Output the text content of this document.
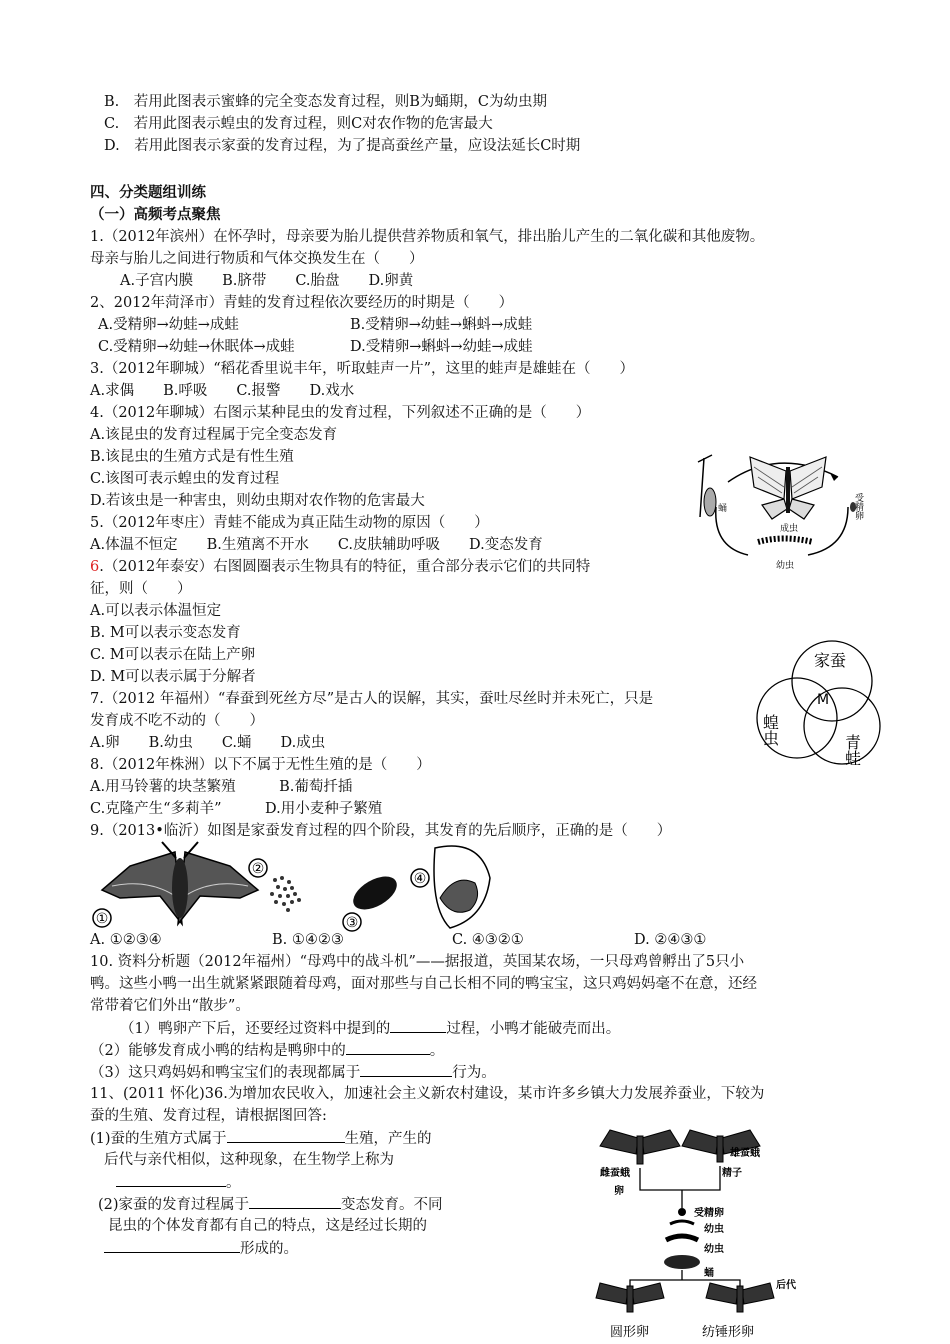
B.　若用此图表示蜜蜂的完全变态发育过程，则B为蛹期，C为幼虫期
C.　若用此图表示蝗虫的发育过程，则C对农作物的危害最大
D.　若用此图表示家蚕的发育过程，为了提高蚕丝产量，应设法延长C时期
四、分类题组训练
（一）高频考点聚焦
1.（2012年滨州）在怀孕时，母亲要为胎儿提供营养物质和氧气，排出胎儿产生的二氧化碳和其他废物。
母亲与胎儿之间进行物质和气体交换发生在（　　）
A.子宫内膜　　B.脐带　　C.胎盘　　D.卵黄
2、2012年菏泽市）青蛙的发育过程依次要经历的时期是（　　）
A.受精卵→幼蛙→成蛙	B.受精卵→幼蛙→蝌蚪→成蛙
C.受精卵→幼蛙→休眠体→成蛙	D.受精卵→蝌蚪→幼蛙→成蛙
3.（2012年聊城）“稻花香里说丰年，听取蛙声一片”，这里的蛙声是雄蛙在（　　）
A.求偶　　B.呼吸　　C.报警　　D.戏水
4.（2012年聊城）右图示某种昆虫的发育过程，下列叙述不正确的是（　　）
A.该昆虫的发育过程属于完全变态发育
B.该昆虫的生殖方式是有性生殖
C.该图可表示蝗虫的发育过程
D.若该虫是一种害虫，则幼虫期对农作物的危害最大
5.（2012年枣庄）青蛙不能成为真正陆生动物的原因（　　）
A.体温不恒定　　B.生殖离不开水　　C.皮肤辅助呼吸　　D.变态发育
6.（2012年泰安）右图圆圈表示生物具有的特征，重合部分表示它们的共同特
征，则（　　）
A.可以表示体温恒定
B. M可以表示变态发育
C. M可以表示在陆上产卵
D. M可以表示属于分解者
7.（2012 年福州）“春蚕到死丝方尽”是古人的误解，其实，蚕吐尽丝时并未死亡，只是
发育成不吃不动的（　　）
A.卵　　B.幼虫　　C.蛹　　D.成虫
8.（2012年株洲）以下不属于无性生殖的是（　　）
A.用马铃薯的块茎繁殖　　　B.葡萄扦插
C.克隆产生“多莉羊”　　　D.用小麦种子繁殖
9.（2013•临沂）如图是家蚕发育过程的四个阶段，其发育的先后顺序，正确的是（　　）
①
②
③
④
A. ①②③④	B. ①④②③	C. ④③②①	D. ②④③①
10. 资料分析题（2012年福州）“母鸡中的战斗机”——据报道，英国某农场，一只母鸡曾孵出了5只小
鸭。这些小鸭一出生就紧紧跟随着母鸡，面对那些与自己长相不同的鸭宝宝，这只鸡妈妈毫不在意，还经
常带着它们外出“散步”。
（1）鸭卵产下后，还要经过资料中提到的	过程，小鸭才能破壳而出。
（2）能够发育成小鸭的结构是鸭卵中的	。
（3）这只鸡妈妈和鸭宝宝们的表现都属于	行为。
11、(2011 怀化)36.为增加农民收入，加速社会主义新农村建设，某市许多乡镇大力发展养蚕业，下较为
蚕的生殖、发育过程，请根据图回答:
(1)蚕的生殖方式属于	生殖，产生的
后代与亲代相似，这种现象，在生物学上称为
。
(2)家蚕的发育过程属于	变态发育。不同
昆虫的个体发育都有自己的特点，这是经过长期的
形成的。
成虫
蛹	受精卵
幼虫
家蚕
蝗虫
青蛙
M
雌蚕蛾
雄蚕蛾
卵
精子
受精卵
幼虫
幼虫
蛹
后代
圆形卵	纺锤形卵
